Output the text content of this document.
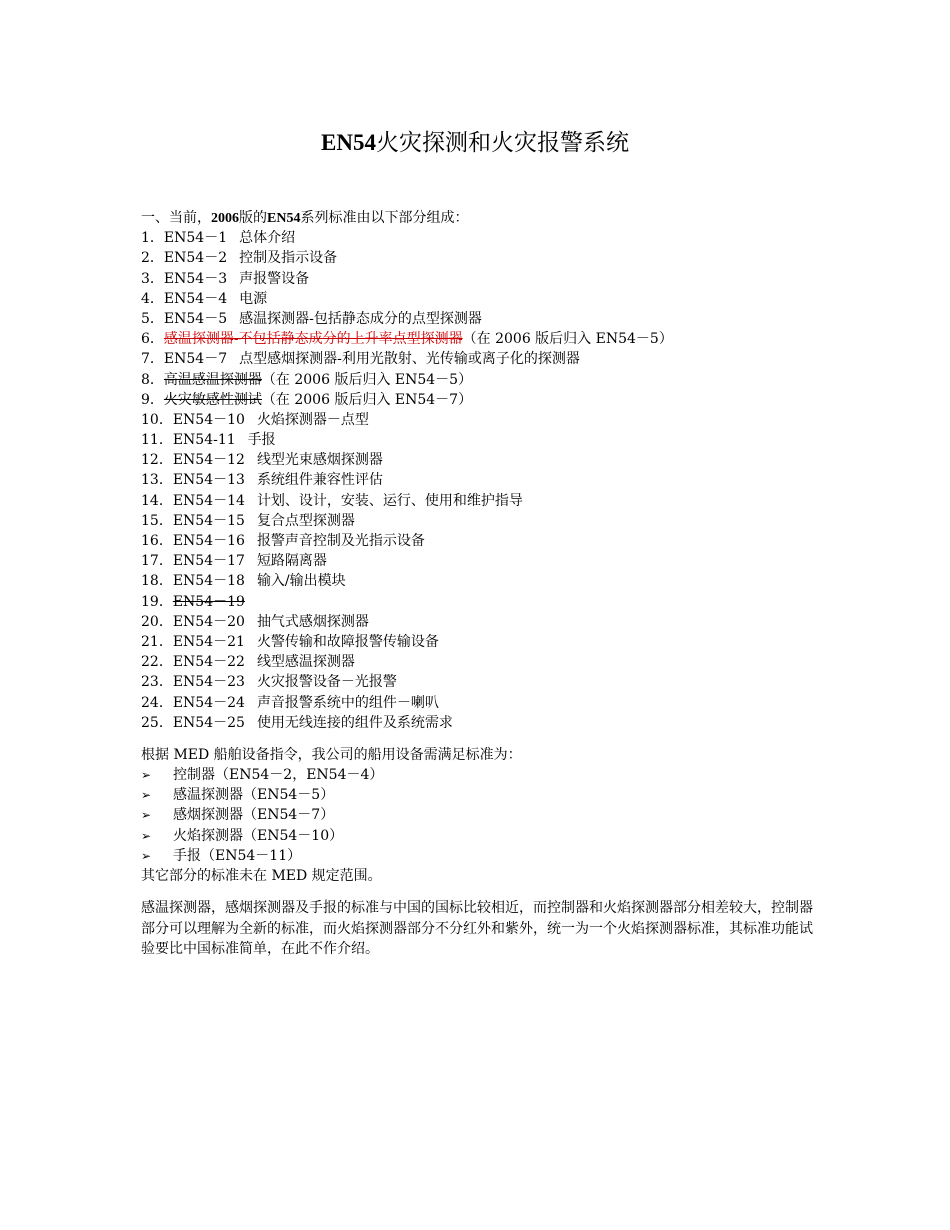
EN54火灾探测和火灾报警系统
一、当前，2006版的EN54系列标准由以下部分组成：
1．EN54－1 总体介绍
2．EN54－2 控制及指示设备
3．EN54－3 声报警设备
4．EN54－4 电源
5．EN54－5 感温探测器-包括静态成分的点型探测器
6．感温探测器-不包括静态成分的上升率点型探测器（在 2006 版后归入 EN54－5）
7．EN54－7 点型感烟探测器-利用光散射、光传输或离子化的探测器
8．高温感温探测器（在 2006 版后归入 EN54－5）
9．火灾敏感性测试（在 2006 版后归入 EN54－7）
10．EN54－10 火焰探测器－点型
11．EN54-11 手报
12．EN54－12 线型光束感烟探测器
13．EN54－13 系统组件兼容性评估
14．EN54－14 计划、设计，安装、运行、使用和维护指导
15．EN54－15 复合点型探测器
16．EN54－16 报警声音控制及光指示设备
17．EN54－17 短路隔离器
18．EN54－18 输入/输出模块
19．EN54－19
20．EN54－20 抽气式感烟探测器
21．EN54－21 火警传输和故障报警传输设备
22．EN54－22 线型感温探测器
23．EN54－23 火灾报警设备－光报警
24．EN54－24 声音报警系统中的组件－喇叭
25．EN54－25 使用无线连接的组件及系统需求
根据 MED 船舶设备指令，我公司的船用设备需满足标准为：
➢ 控制器（EN54－2，EN54－4）
➢ 感温探测器（EN54－5）
➢ 感烟探测器（EN54－7）
➢ 火焰探测器（EN54－10）
➢ 手报（EN54－11）
其它部分的标准未在 MED 规定范围。
感温探测器，感烟探测器及手报的标准与中国的国标比较相近，而控制器和火焰探测器部分相差较大，控制器部分可以理解为全新的标准，而火焰探测器部分不分红外和紫外，统一为一个火焰探测器标准，其标准功能试验要比中国标准简单，在此不作介绍。
